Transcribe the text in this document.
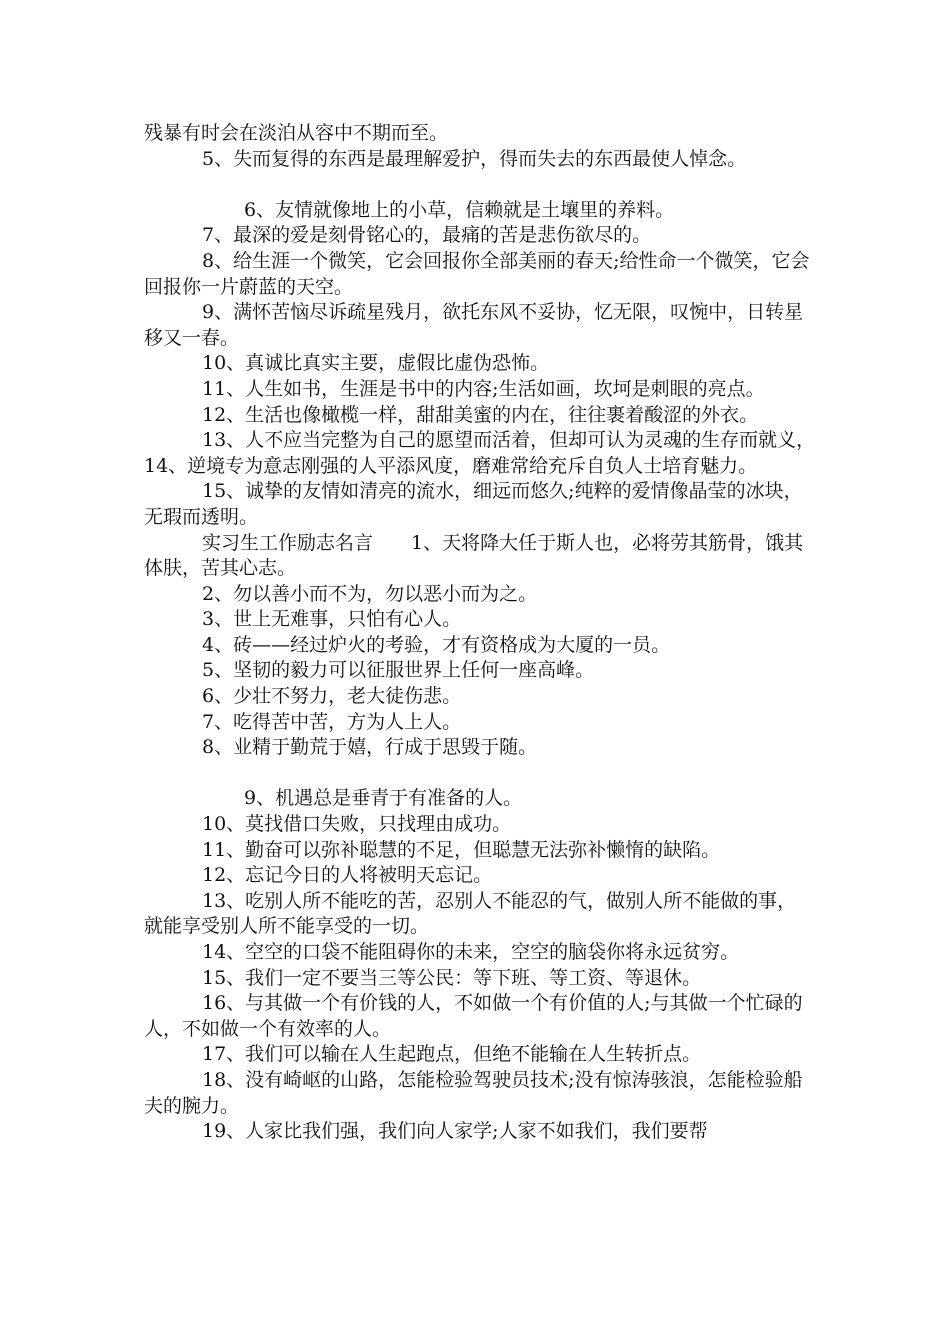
残暴有时会在淡泊从容中不期而至。

5、失而复得的东西是最理解爱护，得而失去的东西最使人悼念。

6、友情就像地上的小草，信赖就是土壤里的养料。

7、最深的爱是刻骨铭心的，最痛的苦是悲伤欲尽的。

8、给生涯一个微笑，它会回报你全部美丽的春天;给性命一个微笑，它会回报你一片蔚蓝的天空。

9、满怀苦恼尽诉疏星残月，欲托东风不妥协，忆无限，叹惋中，日转星移又一春。

10、真诚比真实主要，虚假比虚伪恐怖。

11、人生如书，生涯是书中的内容;生活如画，坎坷是刺眼的亮点。

12、生活也像橄榄一样，甜甜美蜜的内在，往往裹着酸涩的外衣。

13、人不应当完整为自己的愿望而活着，但却可认为灵魂的生存而就义，　　14、逆境专为意志刚强的人平添风度，磨难常给充斥自负人士培育魅力。

15、诚挚的友情如清亮的流水，细远而悠久;纯粹的爱情像晶莹的冰块，无瑕而透明。

实习生工作励志名言　　1、天将降大任于斯人也，必将劳其筋骨，饿其体肤，苦其心志。

2、勿以善小而不为，勿以恶小而为之。

3、世上无难事，只怕有心人。

4、砖——经过炉火的考验，才有资格成为大厦的一员。

5、坚韧的毅力可以征服世界上任何一座高峰。

6、少壮不努力，老大徒伤悲。

7、吃得苦中苦，方为人上人。

8、业精于勤荒于嬉，行成于思毁于随。

9、机遇总是垂青于有准备的人。

10、莫找借口失败，只找理由成功。

11、勤奋可以弥补聪慧的不足，但聪慧无法弥补懒惰的缺陷。

12、忘记今日的人将被明天忘记。

13、吃别人所不能吃的苦，忍别人不能忍的气，做别人所不能做的事，就能享受别人所不能享受的一切。

14、空空的口袋不能阻碍你的未来，空空的脑袋你将永远贫穷。

15、我们一定不要当三等公民：等下班、等工资、等退休。

16、与其做一个有价钱的人，不如做一个有价值的人;与其做一个忙碌的人，不如做一个有效率的人。

17、我们可以输在人生起跑点，但绝不能输在人生转折点。

18、没有崎岖的山路，怎能检验驾驶员技术;没有惊涛骇浪，怎能检验船夫的腕力。

19、人家比我们强，我们向人家学;人家不如我们，我们要帮
